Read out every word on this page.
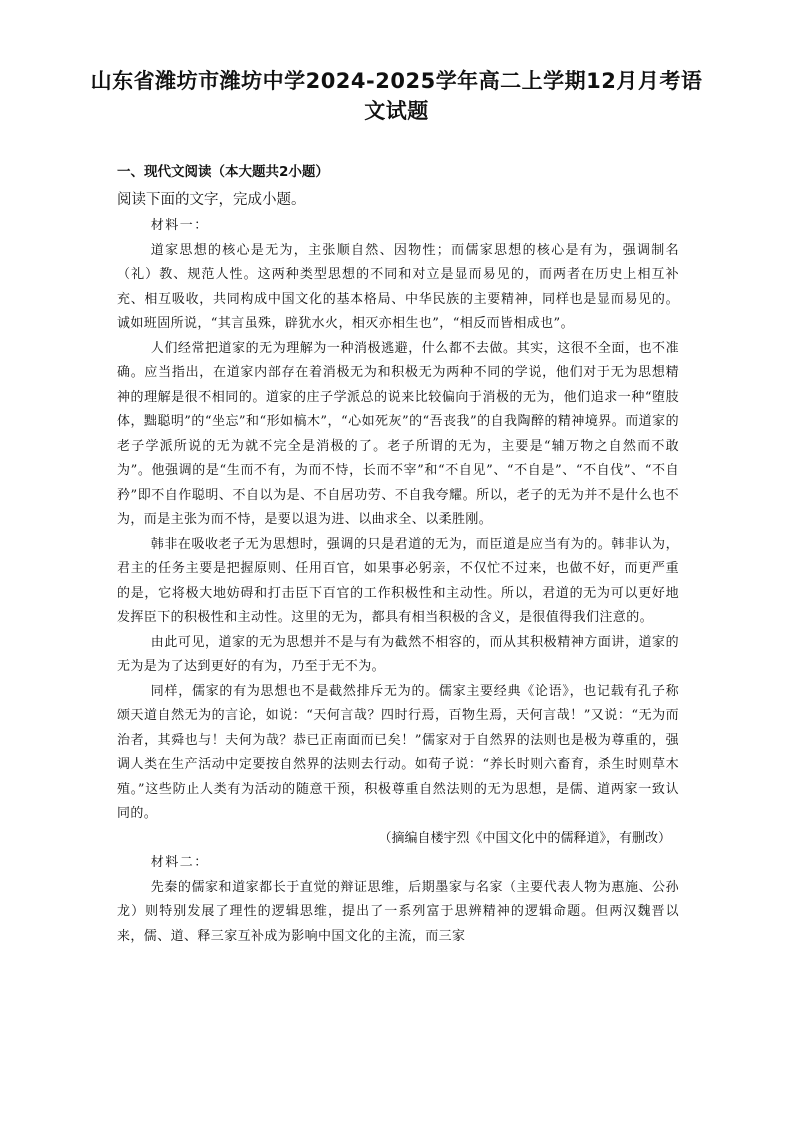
山东省潍坊市潍坊中学2024-2025学年高二上学期12月月考语文试题
一、现代文阅读（本大题共2小题）
阅读下面的文字，完成小题。

材料一：

道家思想的核心是无为，主张顺自然、因物性；而儒家思想的核心是有为，强调制名（礼）教、规范人性。这两种类型思想的不同和对立是显而易见的，而两者在历史上相互补充、相互吸收，共同构成中国文化的基本格局、中华民族的主要精神，同样也是显而易见的。诚如班固所说，“其言虽殊，辟犹水火，相灭亦相生也”，“相反而皆相成也”。

人们经常把道家的无为理解为一种消极逃避，什么都不去做。其实，这很不全面，也不准确。应当指出，在道家内部存在着消极无为和积极无为两种不同的学说，他们对于无为思想精神的理解是很不相同的。道家的庄子学派总的说来比较偏向于消极的无为，他们追求一种“堕肢体，黜聪明”的“坐忘”和“形如槁木”，“心如死灰”的“吾丧我”的自我陶醉的精神境界。而道家的老子学派所说的无为就不完全是消极的了。老子所谓的无为，主要是“辅万物之自然而不敢为”。他强调的是“生而不有，为而不恃，长而不宰”和“不自见”、“不自是”、“不自伐”、“不自矜”即不自作聪明、不自以为是、不自居功劳、不自我夸耀。所以，老子的无为并不是什么也不为，而是主张为而不恃，是要以退为进、以曲求全、以柔胜刚。

韩非在吸收老子无为思想时，强调的只是君道的无为，而臣道是应当有为的。韩非认为，君主的任务主要是把握原则、任用百官，如果事必躬亲，不仅忙不过来，也做不好，而更严重的是，它将极大地妨碍和打击臣下百官的工作积极性和主动性。所以，君道的无为可以更好地发挥臣下的积极性和主动性。这里的无为，都具有相当积极的含义，是很值得我们注意的。

由此可见，道家的无为思想并不是与有为截然不相容的，而从其积极精神方面讲，道家的无为是为了达到更好的有为，乃至于无不为。

同样，儒家的有为思想也不是截然排斥无为的。儒家主要经典《论语》，也记载有孔子称颂天道自然无为的言论，如说：“天何言哉？四时行焉，百物生焉，天何言哉！”又说：“无为而治者，其舜也与！夫何为哉？恭已正南面而已矣！”儒家对于自然界的法则也是极为尊重的，强调人类在生产活动中定要按自然界的法则去行动。如荀子说：“养长时则六畜育，杀生时则草木殖。”这些防止人类有为活动的随意干预，积极尊重自然法则的无为思想，是儒、道两家一致认同的。

（摘编自楼宇烈《中国文化中的儒释道》，有删改）

材料二：

先秦的儒家和道家都长于直觉的辩证思维，后期墨家与名家（主要代表人物为惠施、公孙龙）则特别发展了理性的逻辑思维，提出了一系列富于思辨精神的逻辑命题。但两汉魏晋以来，儒、道、释三家互补成为影响中国文化的主流，而三家
